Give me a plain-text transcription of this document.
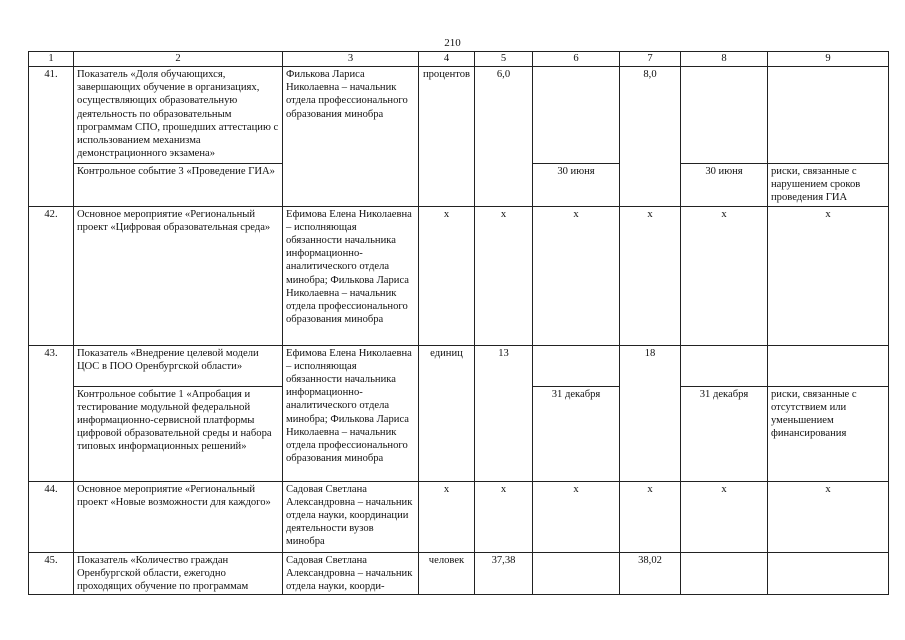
210
1	2	3	4	5	6	7	8	9
41.	Показатель «Доля обучающихся, завершающих обучение в организациях, осуществляющих образовательную деятельность по образовательным программам СПО, прошедших аттестацию с использованием механизма демонстрационного экзамена»	Филькова Лариса Николаевна – начальник отдела профессионального образования минобра	процентов	6,0		8,0		
	Контрольное событие 3 «Проведение ГИА»				30 июня		30 июня	риски, связанные с нарушением сроков проведения ГИА
42.	Основное мероприятие «Региональный проект «Цифровая образовательная среда»	Ефимова Елена Николаевна – исполняющая обязанности начальника информационно-аналитического отдела минобра; Филькова Лариса Николаевна – начальник отдела профессионального образования минобра	х	х	х	х	х	х
43.	Показатель «Внедрение целевой модели ЦОС в ПОО Оренбургской области»	Ефимова Елена Николаевна – исполняющая обязанности начальника информационно-аналитического отдела минобра; Филькова Лариса Николаевна – начальник отдела профессионального образования минобра	единиц	13		18		
	Контрольное событие 1 «Апробация и тестирование модульной федеральной информационно-сервисной платформы цифровой образовательной среды и набора типовых информационных решений»				31 декабря		31 декабря	риски, связанные с отсутствием или уменьшением финансирования
44.	Основное мероприятие «Региональный проект «Новые возможности для каждого»	Садовая Светлана Александровна – начальник отдела науки, координации деятельности вузов минобра	х	х	х	х	х	х
45.	Показатель «Количество граждан Оренбургской области, ежегодно проходящих обучение по программам	Садовая Светлана Александровна – начальник отдела науки, коорди-	человек	37,38		38,02		
